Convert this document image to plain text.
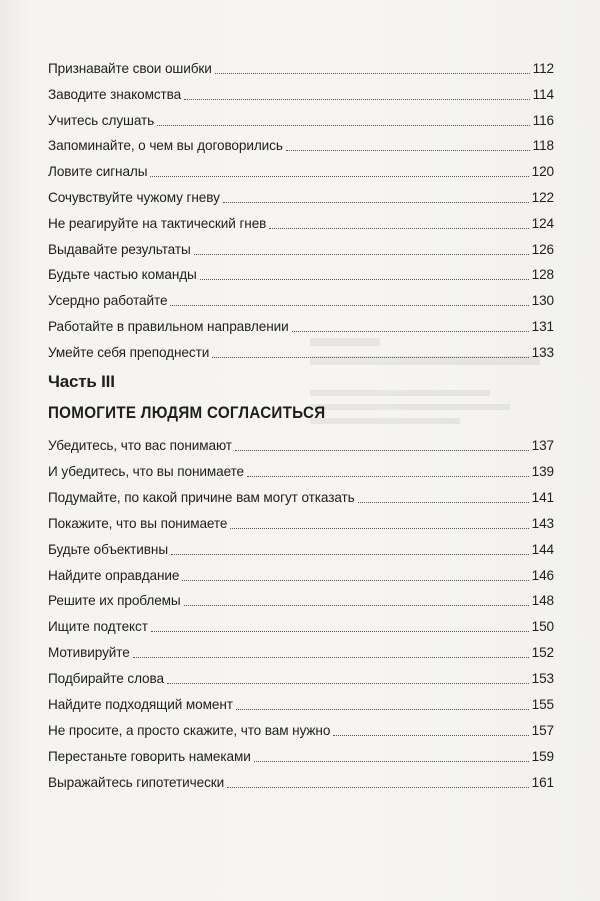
Признавайте свои ошибки	112
Заводите знакомства	114
Учитесь слушать	116
Запоминайте, о чем вы договорились	118
Ловите сигналы	120
Сочувствуйте чужому гневу	122
Не реагируйте на тактический гнев	124
Выдавайте результаты	126
Будьте частью команды	128
Усердно работайте	130
Работайте в правильном направлении	131
Умейте себя преподнести	133
Часть III
ПОМОГИТЕ ЛЮДЯМ СОГЛАСИТЬСЯ
Убедитесь, что вас понимают	137
И убедитесь, что вы понимаете	139
Подумайте, по какой причине вам могут отказать	141
Покажите, что вы понимаете	143
Будьте объективны	144
Найдите оправдание	146
Решите их проблемы	148
Ищите подтекст	150
Мотивируйте	152
Подбирайте слова	153
Найдите подходящий момент	155
Не просите, а просто скажите, что вам нужно	157
Перестаньте говорить намеками	159
Выражайтесь гипотетически	161
